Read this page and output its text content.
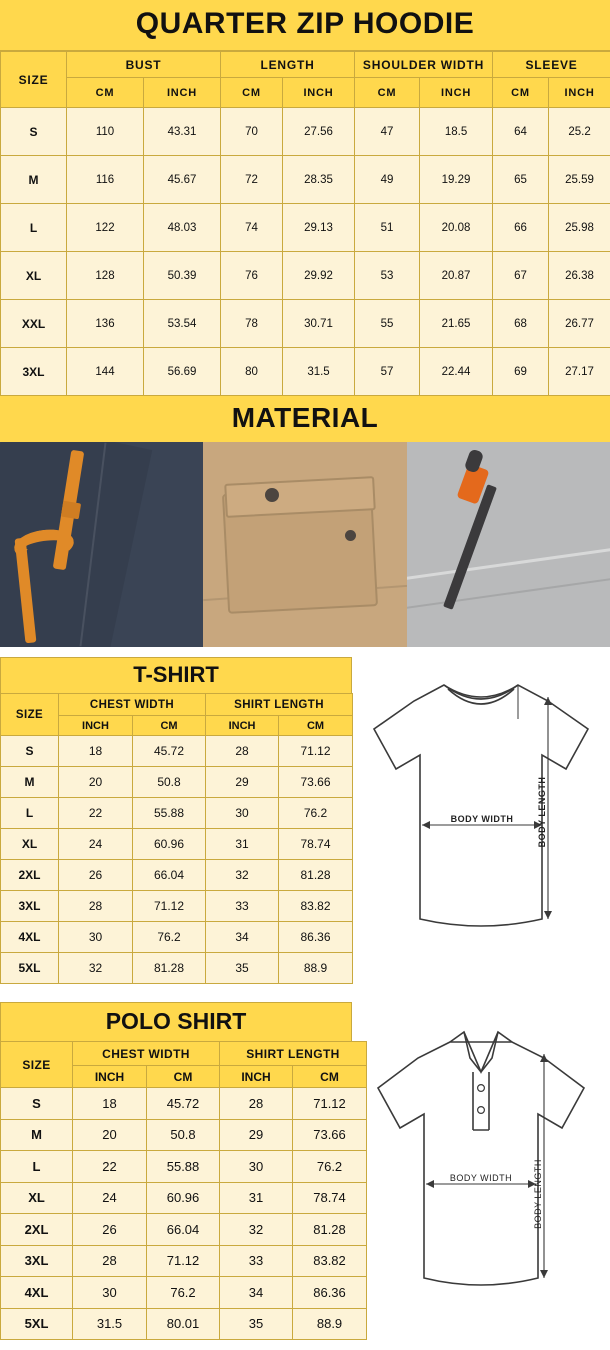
QUARTER ZIP HOODIE
SIZE	BUST		LENGTH		SHOULDER WIDTH		SLEEVE	
	CM	INCH	CM	INCH	CM	INCH	CM	INCH
S	110	43.31	70	27.56	47	18.5	64	25.2
M	116	45.67	72	28.35	49	19.29	65	25.59
L	122	48.03	74	29.13	51	20.08	66	25.98
XL	128	50.39	76	29.92	53	20.87	67	26.38
XXL	136	53.54	78	30.71	55	21.65	68	26.77
3XL	144	56.69	80	31.5	57	22.44	69	27.17
MATERIAL
T-SHIRT
SIZE	CHEST WIDTH		SHIRT LENGTH	
	INCH	CM	INCH	CM
S	18	45.72	28	71.12
M	20	50.8	29	73.66
L	22	55.88	30	76.2
XL	24	60.96	31	78.74
2XL	26	66.04	32	81.28
3XL	28	71.12	33	83.82
4XL	30	76.2	34	86.36
5XL	32	81.28	35	88.9
BODY WIDTH	BODY LENGTH
POLO SHIRT
SIZE	CHEST WIDTH		SHIRT LENGTH	
	INCH	CM	INCH	CM
S	18	45.72	28	71.12
M	20	50.8	29	73.66
L	22	55.88	30	76.2
XL	24	60.96	31	78.74
2XL	26	66.04	32	81.28
3XL	28	71.12	33	83.82
4XL	30	76.2	34	86.36
5XL	31.5	80.01	35	88.9
BODY WIDTH BODY LENGTH
